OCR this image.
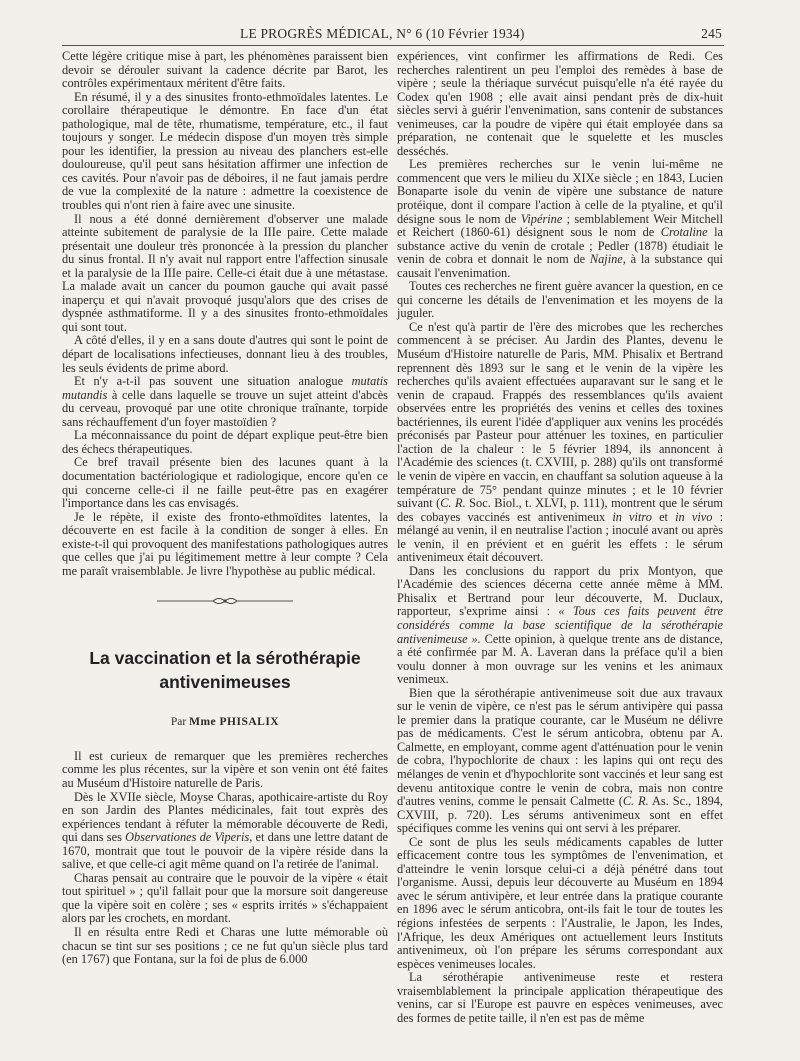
LE PROGRÈS MÉDICAL, N° 6 (10 Février 1934)	245

Cette légère critique mise à part, les phénomènes paraissent bien devoir se dérouler suivant la cadence décrite par Barot, les contrôles expérimentaux méritent d'être faits.

En résumé, il y a des sinusites fronto-ethmoïdales latentes. Le corollaire thérapeutique le démontre. En face d'un état pathologique, mal de tête, rhumatisme, température, etc., il faut toujours y songer. Le médecin dispose d'un moyen très simple pour les identifier, la pression au niveau des planchers est-elle douloureuse, qu'il peut sans hésitation affirmer une infection de ces cavités. Pour n'avoir pas de déboires, il ne faut jamais perdre de vue la complexité de la nature : admettre la coexistence de troubles qui n'ont rien à faire avec une sinusite.

Il nous a été donné dernièrement d'observer une malade atteinte subitement de paralysie de la IIIe paire. Cette malade présentait une douleur très prononcée à la pression du plancher du sinus frontal. Il n'y avait nul rapport entre l'affection sinusale et la paralysie de la IIIe paire. Celle-ci était due à une métastase. La malade avait un cancer du poumon gauche qui avait passé inaperçu et qui n'avait provoqué jusqu'alors que des crises de dyspnée asthmatiforme. Il y a des sinusites fronto-ethmoïdales qui sont tout.

A côté d'elles, il y en a sans doute d'autres qui sont le point de départ de localisations infectieuses, donnant lieu à des troubles, les seuls évidents de prime abord.

Et n'y a-t-il pas souvent une situation analogue mutatis mutandis à celle dans laquelle se trouve un sujet atteint d'abcès du cerveau, provoqué par une otite chronique traînante, torpide sans réchauffement d'un foyer mastoïdien ?

La méconnaissance du point de départ explique peut-être bien des échecs thérapeutiques.

Ce bref travail présente bien des lacunes quant à la documentation bactériologique et radiologique, encore qu'en ce qui concerne celle-ci il ne faille peut-être pas en exagérer l'importance dans les cas envisagés.

Je le répète, il existe des fronto-ethmoïdites latentes, la découverte en est facile à la condition de songer à elles. En existe-t-il qui provoquent des manifestations pathologiques autres que celles que j'ai pu légitimement mettre à leur compte ? Cela me paraît vraisemblable. Je livre l'hypothèse au public médical.

La vaccination et la sérothérapie
antivenimeuses
Par Mme PHISALIX

Il est curieux de remarquer que les premières recherches comme les plus récentes, sur la vipère et son venin ont été faites au Muséum d'Histoire naturelle de Paris.

Dès le XVIIe siècle, Moyse Charas, apothicaire-artiste du Roy en son Jardin des Plantes médicinales, fait tout exprès des expériences tendant à réfuter la mémorable découverte de Redi, qui dans ses Observationes de Viperis, et dans une lettre datant de 1670, montrait que tout le pouvoir de la vipère réside dans la salive, et que celle-ci agit même quand on l'a retirée de l'animal.

Charas pensait au contraire que le pouvoir de la vipère « était tout spirituel » ; qu'il fallait pour que la morsure soit dangereuse que la vipère soit en colère ; ses « esprits irrités » s'échappaient alors par les crochets, en mordant.

Il en résulta entre Redi et Charas une lutte mémorable où chacun se tint sur ses positions ; ce ne fut qu'un siècle plus tard (en 1767) que Fontana, sur la foi de plus de 6.000

expériences, vint confirmer les affirmations de Redi. Ces recherches ralentirent un peu l'emploi des remèdes à base de vipère ; seule la thériaque survécut puisqu'elle n'a été rayée du Codex qu'en 1908 ; elle avait ainsi pendant près de dix-huit siècles servi à guérir l'envenimation, sans contenir de substances venimeuses, car la poudre de vipère qui était employée dans sa préparation, ne contenait que le squelette et les muscles desséchés.

Les premières recherches sur le venin lui-même ne commencent que vers le milieu du XIXe siècle ; en 1843, Lucien Bonaparte isole du venin de vipère une substance de nature protéique, dont il compare l'action à celle de la ptyaline, et qu'il désigne sous le nom de Vipérine ; semblablement Weir Mitchell et Reichert (1860-61) désignent sous le nom de Crotaline la substance active du venin de crotale ; Pedler (1878) étudiait le venin de cobra et donnait le nom de Najine, à la substance qui causait l'envenimation.

Toutes ces recherches ne firent guère avancer la question, en ce qui concerne les détails de l'envenimation et les moyens de la juguler.

Ce n'est qu'à partir de l'ère des microbes que les recherches commencent à se préciser. Au Jardin des Plantes, devenu le Muséum d'Histoire naturelle de Paris, MM. Phisalix et Bertrand reprennent dès 1893 sur le sang et le venin de la vipère les recherches qu'ils avaient effectuées auparavant sur le sang et le venin de crapaud. Frappés des ressemblances qu'ils avaient observées entre les propriétés des venins et celles des toxines bactériennes, ils eurent l'idée d'appliquer aux venins les procédés préconisés par Pasteur pour atténuer les toxines, en particulier l'action de la chaleur : le 5 février 1894, ils annoncent à l'Académie des sciences (t. CXVIII, p. 288) qu'ils ont transformé le venin de vipère en vaccin, en chauffant sa solution aqueuse à la température de 75° pendant quinze minutes ; et le 10 février suivant (C. R. Soc. Biol., t. XLVI, p. 111), montrent que le sérum des cobayes vaccinés est antivenimeux in vitro et in vivo : mélangé au venin, il en neutralise l'action ; inoculé avant ou après le venin, il en prévient et en guérit les effets : le sérum antivenimeux était découvert.

Dans les conclusions du rapport du prix Montyon, que l'Académie des sciences décerna cette année même à MM. Phisalix et Bertrand pour leur découverte, M. Duclaux, rapporteur, s'exprime ainsi : « Tous ces faits peuvent être considérés comme la base scientifique de la sérothérapie antivenimeuse ». Cette opinion, à quelque trente ans de distance, a été confirmée par M. A. Laveran dans la préface qu'il a bien voulu donner à mon ouvrage sur les venins et les animaux venimeux.

Bien que la sérothérapie antivenimeuse soit due aux travaux sur le venin de vipère, ce n'est pas le sérum antivipère qui passa le premier dans la pratique courante, car le Muséum ne délivre pas de médicaments. C'est le sérum anticobra, obtenu par A. Calmette, en employant, comme agent d'atténuation pour le venin de cobra, l'hypochlorite de chaux : les lapins qui ont reçu des mélanges de venin et d'hypochlorite sont vaccinés et leur sang est devenu antitoxique contre le venin de cobra, mais non contre d'autres venins, comme le pensait Calmette (C. R. As. Sc., 1894, CXVIII, p. 720). Les sérums antivenimeux sont en effet spécifiques comme les venins qui ont servi à les préparer.

Ce sont de plus les seuls médicaments capables de lutter efficacement contre tous les symptômes de l'envenimation, et d'atteindre le venin lorsque celui-ci a déjà pénétré dans tout l'organisme. Aussi, depuis leur découverte au Muséum en 1894 avec le sérum antivipère, et leur entrée dans la pratique courante en 1896 avec le sérum anticobra, ont-ils fait le tour de toutes les régions infestées de serpents : l'Australie, le Japon, les Indes, l'Afrique, les deux Amériques ont actuellement leurs Instituts antivenimeux, où l'on prépare les sérums correspondant aux espèces venimeuses locales.

La sérothérapie antivenimeuse reste et restera vraisemblablement la principale application thérapeutique des venins, car si l'Europe est pauvre en espèces venimeuses, avec des formes de petite taille, il n'en est pas de même
